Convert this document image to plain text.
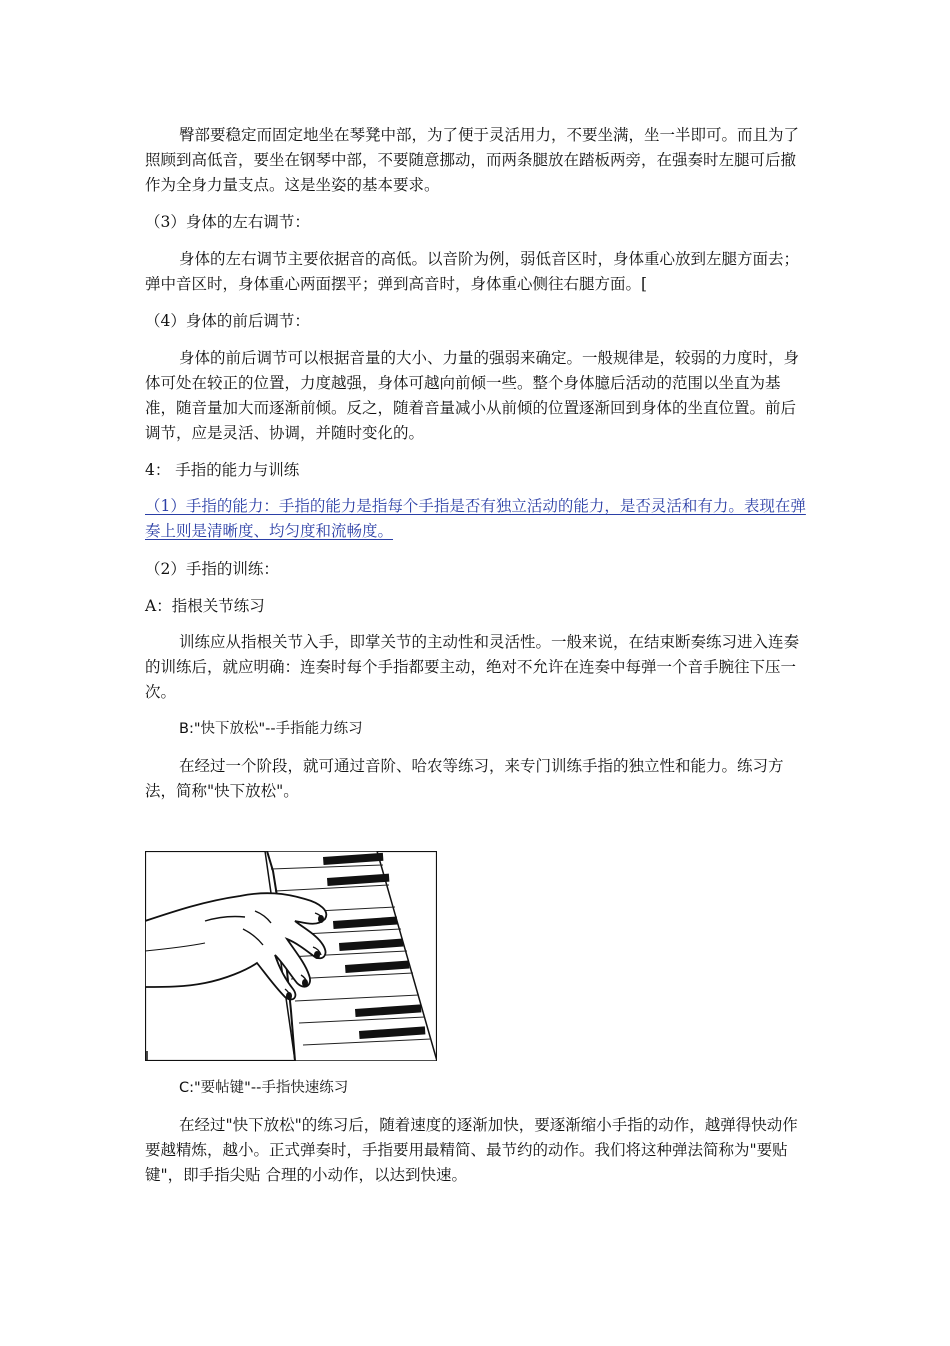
臀部要稳定而固定地坐在琴凳中部，为了便于灵活用力，不要坐满，坐一半即可。而且为了照顾到高低音，要坐在钢琴中部，不要随意挪动，而两条腿放在踏板两旁，在强奏时左腿可后撤作为全身力量支点。这是坐姿的基本要求。

（3）身体的左右调节：

身体的左右调节主要依据音的高低。以音阶为例，弱低音区时，身体重心放到左腿方面去；弹中音区时，身体重心两面摆平；弹到高音时，身体重心侧往右腿方面。[

（4）身体的前后调节：

身体的前后调节可以根据音量的大小、力量的强弱来确定。一般规律是，较弱的力度时，身体可处在较正的位置，力度越强，身体可越向前倾一些。整个身体臆后活动的范围以坐直为基准，随音量加大而逐渐前倾。反之，随着音量减小从前倾的位置逐渐回到身体的坐直位置。前后调节，应是灵活、协调，并随时变化的。

4： 手指的能力与训练

（1）手指的能力：手指的能力是指每个手指是否有独立活动的能力，是否灵活和有力。表现在弹奏上则是清晰度、均匀度和流畅度。

（2）手指的训练：

A：指根关节练习

训练应从指根关节入手，即掌关节的主动性和灵活性。一般来说，在结束断奏练习进入连奏的训练后，就应明确：连奏时每个手指都要主动，绝对不允许在连奏中每弹一个音手腕往下压一次。

B:"快下放松"--手指能力练习

在经过一个阶段，就可通过音阶、哈农等练习，来专门训练手指的独立性和能力。练习方法，简称"快下放松"。

C:"要帖键"--手指快速练习

在经过"快下放松"的练习后，随着速度的逐渐加快，要逐渐缩小手指的动作，越弹得快动作要越精炼，越小。正式弹奏时，手指要用最精简、最节约的动作。我们将这种弹法简称为"要贴键"，即手指尖贴 合理的小动作，以达到快速。
